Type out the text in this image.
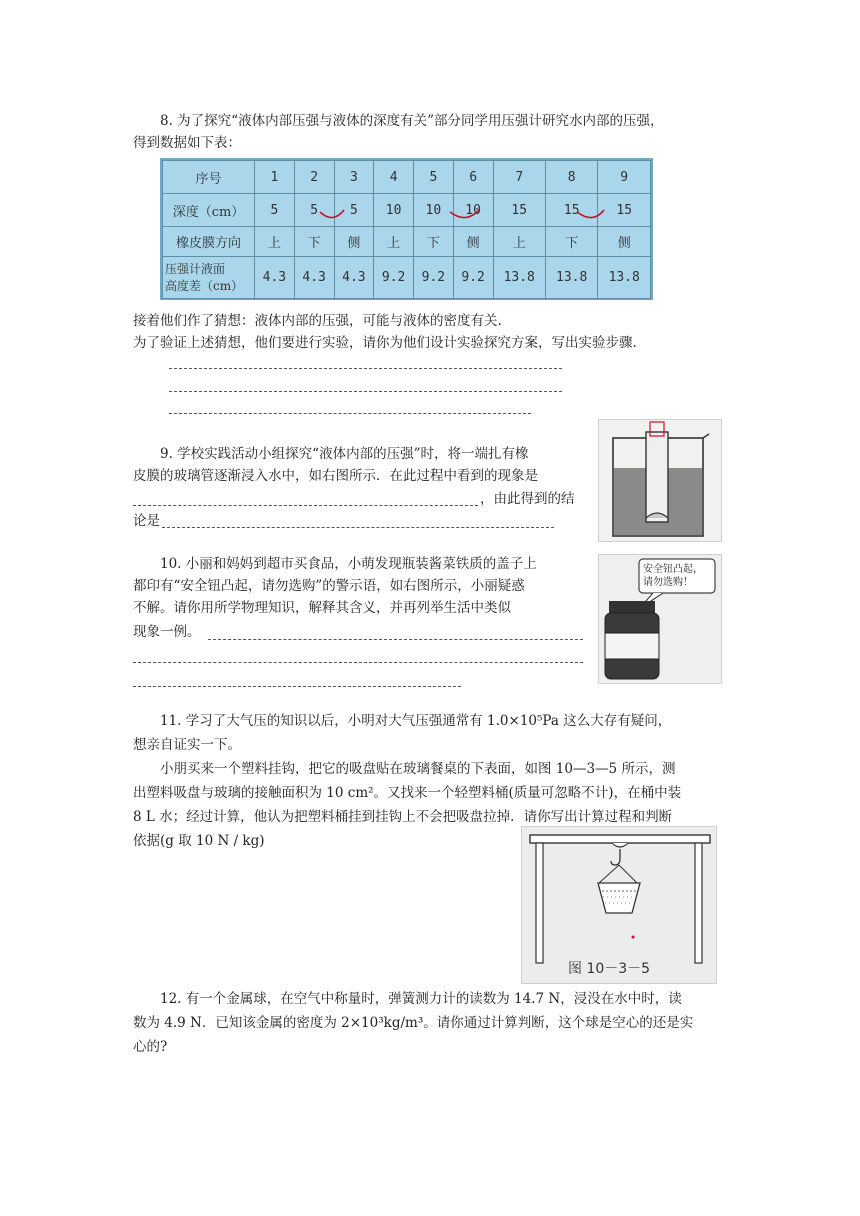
8. 为了探究“液体内部压强与液体的深度有关”部分同学用压强计研究水内部的压强，
得到数据如下表：
序号	1	2	3	4	5	6	7	8	9
深度（cm）	5	5	5	10	10	10	15	15	15
橡皮膜方向	上	下	侧	上	下	侧	上	下	侧

压强计液面
高度差（cm）	4.3	4.3	4.3	9.2	9.2	9.2	13.8	13.8	13.8
接着他们作了猜想：液体内部的压强，可能与液体的密度有关.
为了验证上述猜想，他们要进行实验，请你为他们设计实验探究方案，写出实验步骤.
9. 学校实践活动小组探究“液体内部的压强”时，将一端扎有橡
皮膜的玻璃管逐渐浸入水中，如右图所示．在此过程中看到的现象是
，由此得到的结
论是
10. 小丽和妈妈到超市买食品，小萌发现瓶装酱菜铁质的盖子上
都印有“安全钮凸起，请勿选购”的警示语，如右图所示，小丽疑惑
不解。请你用所学物理知识，解释其含义，并再列举生活中类似
现象一例。
安全钮凸起，
请勿选购！
11. 学习了大气压的知识以后，小明对大气压强通常有 1.0×10⁵Pa 这么大存有疑问，
想亲自证实一下。
小朋买来一个塑料挂钩，把它的吸盘贴在玻璃餐桌的下表面，如图 10—3—5 所示，测
出塑料吸盘与玻璃的接触面积为 10 cm²。又找来一个轻塑料桶(质量可忽略不计)，在桶中装
8 L 水；经过计算，他认为把塑料桶挂到挂钩上不会把吸盘拉掉．请你写出计算过程和判断
依据(g 取 10 N / kg)
图 10－3－5
12. 有一个金属球，在空气中称量时，弹簧测力计的读数为 14.7 N，浸没在水中时，读
数为 4.9 N．已知该金属的密度为 2×10³kg/m³。请你通过计算判断，这个球是空心的还是实
心的?
